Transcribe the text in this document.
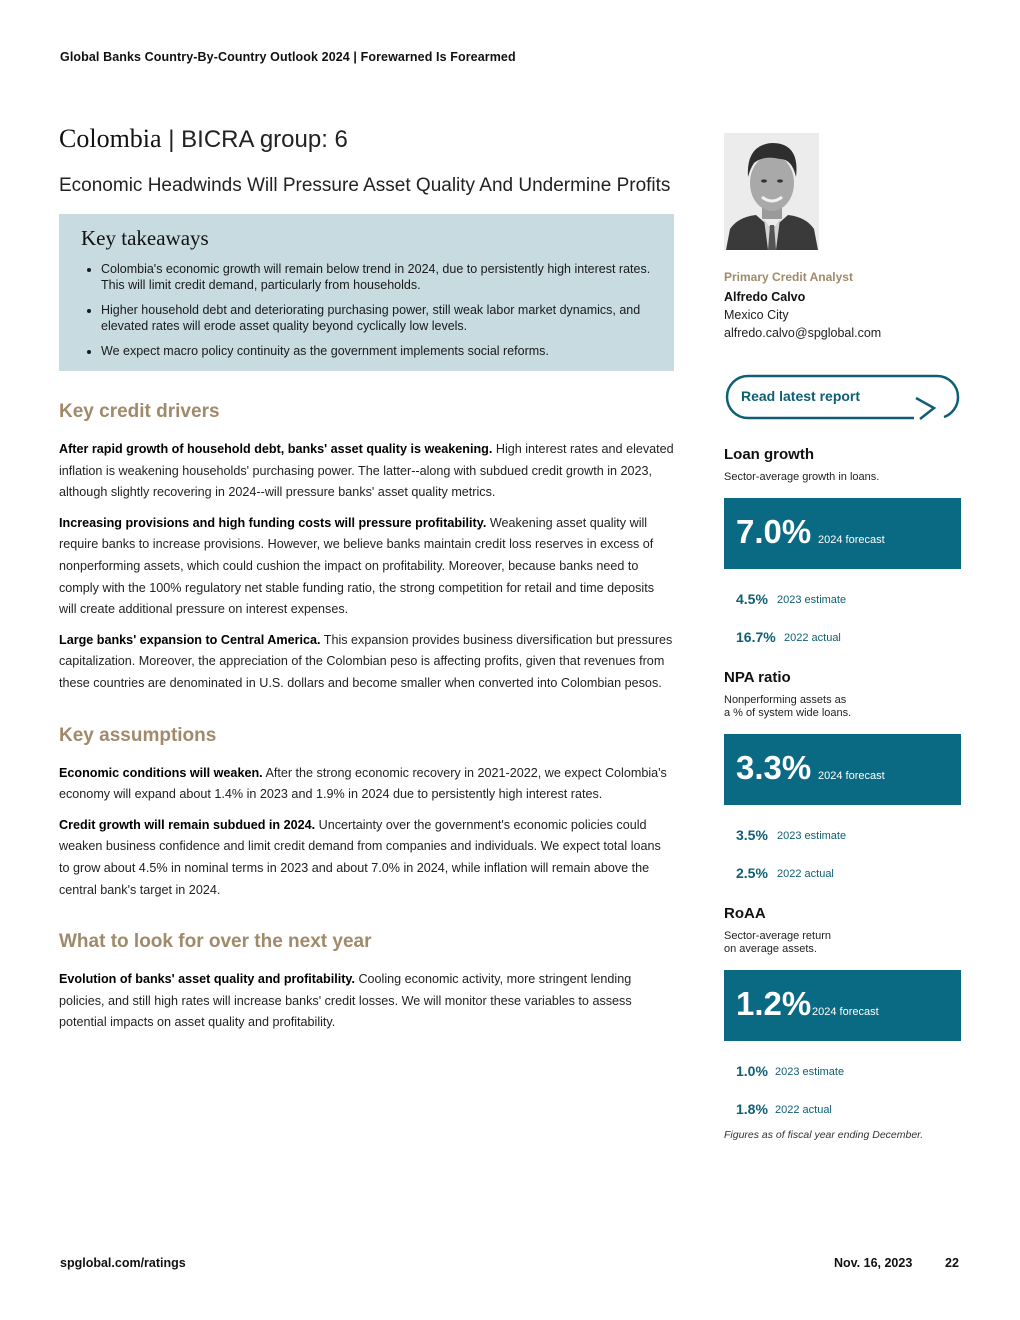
Global Banks Country-By-Country Outlook 2024 | Forewarned Is Forearmed
Colombia | BICRA group: 6
Economic Headwinds Will Pressure Asset Quality And Undermine Profits
Key takeaways
• Colombia's economic growth will remain below trend in 2024, due to persistently high interest rates. This will limit credit demand, particularly from households.
• Higher household debt and deteriorating purchasing power, still weak labor market dynamics, and elevated rates will erode asset quality beyond cyclically low levels.
• We expect macro policy continuity as the government implements social reforms.
Key credit drivers

After rapid growth of household debt, banks' asset quality is weakening. High interest rates and elevated inflation is weakening households' purchasing power. The latter--along with subdued credit growth in 2023, although slightly recovering in 2024--will pressure banks' asset quality metrics.

Increasing provisions and high funding costs will pressure profitability. Weakening asset quality will require banks to increase provisions. However, we believe banks maintain credit loss reserves in excess of nonperforming assets, which could cushion the impact on profitability. Moreover, because banks need to comply with the 100% regulatory net stable funding ratio, the strong competition for retail and time deposits will create additional pressure on interest expenses.

Large banks' expansion to Central America. This expansion provides business diversification but pressures capitalization. Moreover, the appreciation of the Colombian peso is affecting profits, given that revenues from these countries are denominated in U.S. dollars and become smaller when converted into Colombian pesos.

Key assumptions

Economic conditions will weaken. After the strong economic recovery in 2021-2022, we expect Colombia's economy will expand about 1.4% in 2023 and 1.9% in 2024 due to persistently high interest rates.

Credit growth will remain subdued in 2024. Uncertainty over the government's economic policies could weaken business confidence and limit credit demand from companies and individuals. We expect total loans to grow about 4.5% in nominal terms in 2023 and about 7.0% in 2024, while inflation will remain above the central bank's target in 2024.

What to look for over the next year

Evolution of banks' asset quality and profitability. Cooling economic activity, more stringent lending policies, and still high rates will increase banks' credit losses. We will monitor these variables to assess potential impacts on asset quality and profitability.

Primary Credit Analyst
Alfredo Calvo
Mexico City
alfredo.calvo@spglobal.com
Read latest report
Loan growth
Sector-average growth in loans.
7.0% 2024 forecast
4.5% 2023 estimate
16.7% 2022 actual
NPA ratio
Nonperforming assets as
a % of system wide loans.
3.3% 2024 forecast
3.5% 2023 estimate
2.5% 2022 actual
RoAA
Sector-average return
on average assets.
1.2% 2024 forecast
1.0% 2023 estimate
1.8% 2022 actual
Figures as of fiscal year ending December.
spglobal.com/ratings	Nov. 16, 2023	22
